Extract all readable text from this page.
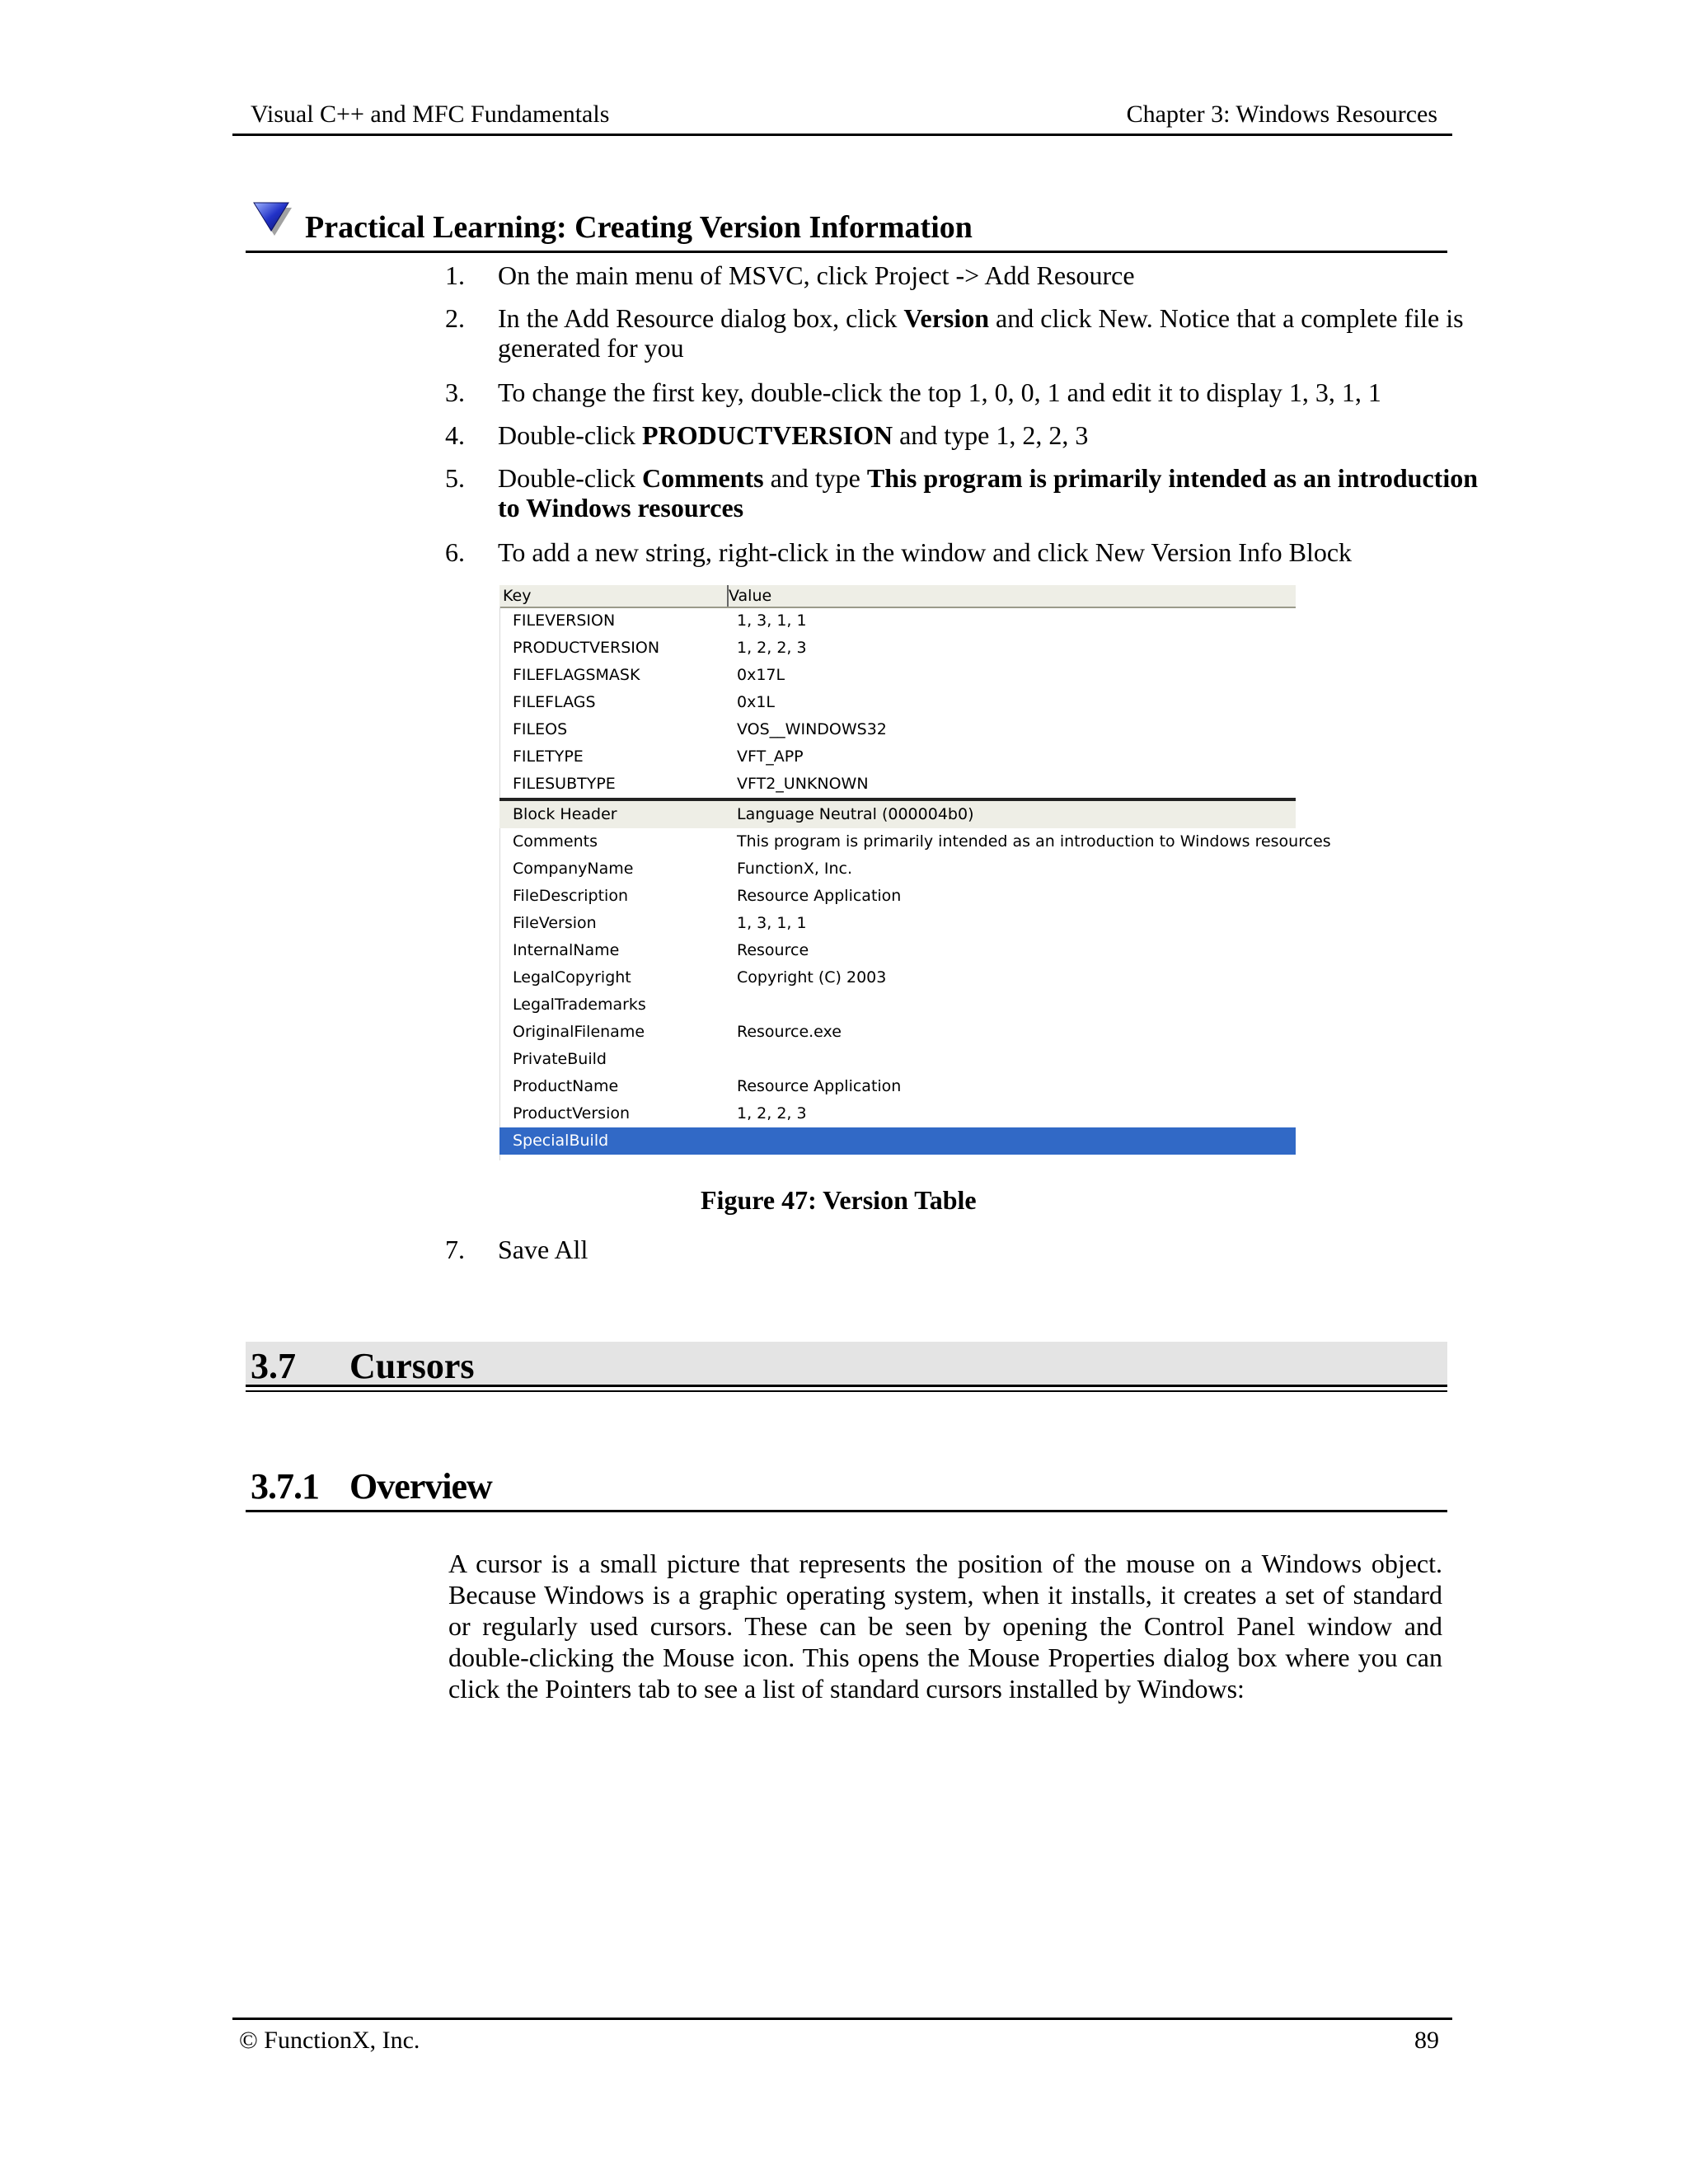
Visual C++ and MFC Fundamentals	Chapter 3: Windows Resources
Practical Learning: Creating Version Information
1. On the main menu of MSVC, click Project -> Add Resource
2. In the Add Resource dialog box, click Version and click New. Notice that a complete file is generated for you
3. To change the first key, double-click the top 1, 0, 0, 1 and edit it to display 1, 3, 1, 1
4. Double-click PRODUCTVERSION and type 1, 2, 2, 3
5. Double-click Comments and type This program is primarily intended as an introduction to Windows resources
6. To add a new string, right-click in the window and click New Version Info Block
Key	Value
FILEVERSION	1, 3, 1, 1
PRODUCTVERSION	1, 2, 2, 3
FILEFLAGSMASK	0x17L
FILEFLAGS	0x1L
FILEOS	VOS__WINDOWS32
FILETYPE	VFT_APP
FILESUBTYPE	VFT2_UNKNOWN
Block Header	Language Neutral (000004b0)
Comments	This program is primarily intended as an introduction to Windows resources
CompanyName	FunctionX, Inc.
FileDescription	Resource Application
FileVersion	1, 3, 1, 1
InternalName	Resource
LegalCopyright	Copyright (C) 2003
LegalTrademarks
OriginalFilename	Resource.exe
PrivateBuild
ProductName	Resource Application
ProductVersion	1, 2, 2, 3
SpecialBuild
Figure 47: Version Table
7. Save All
3.7 Cursors
3.7.1 Overview

A cursor is a small picture that represents the position of the mouse on a Windows object. Because Windows is a graphic operating system, when it installs, it creates a set of standard or regularly used cursors. These can be seen by opening the Control Panel window and double-clicking the Mouse icon. This opens the Mouse Properties dialog box where you can click the Pointers tab to see a list of standard cursors installed by Windows:

© FunctionX, Inc.	89
